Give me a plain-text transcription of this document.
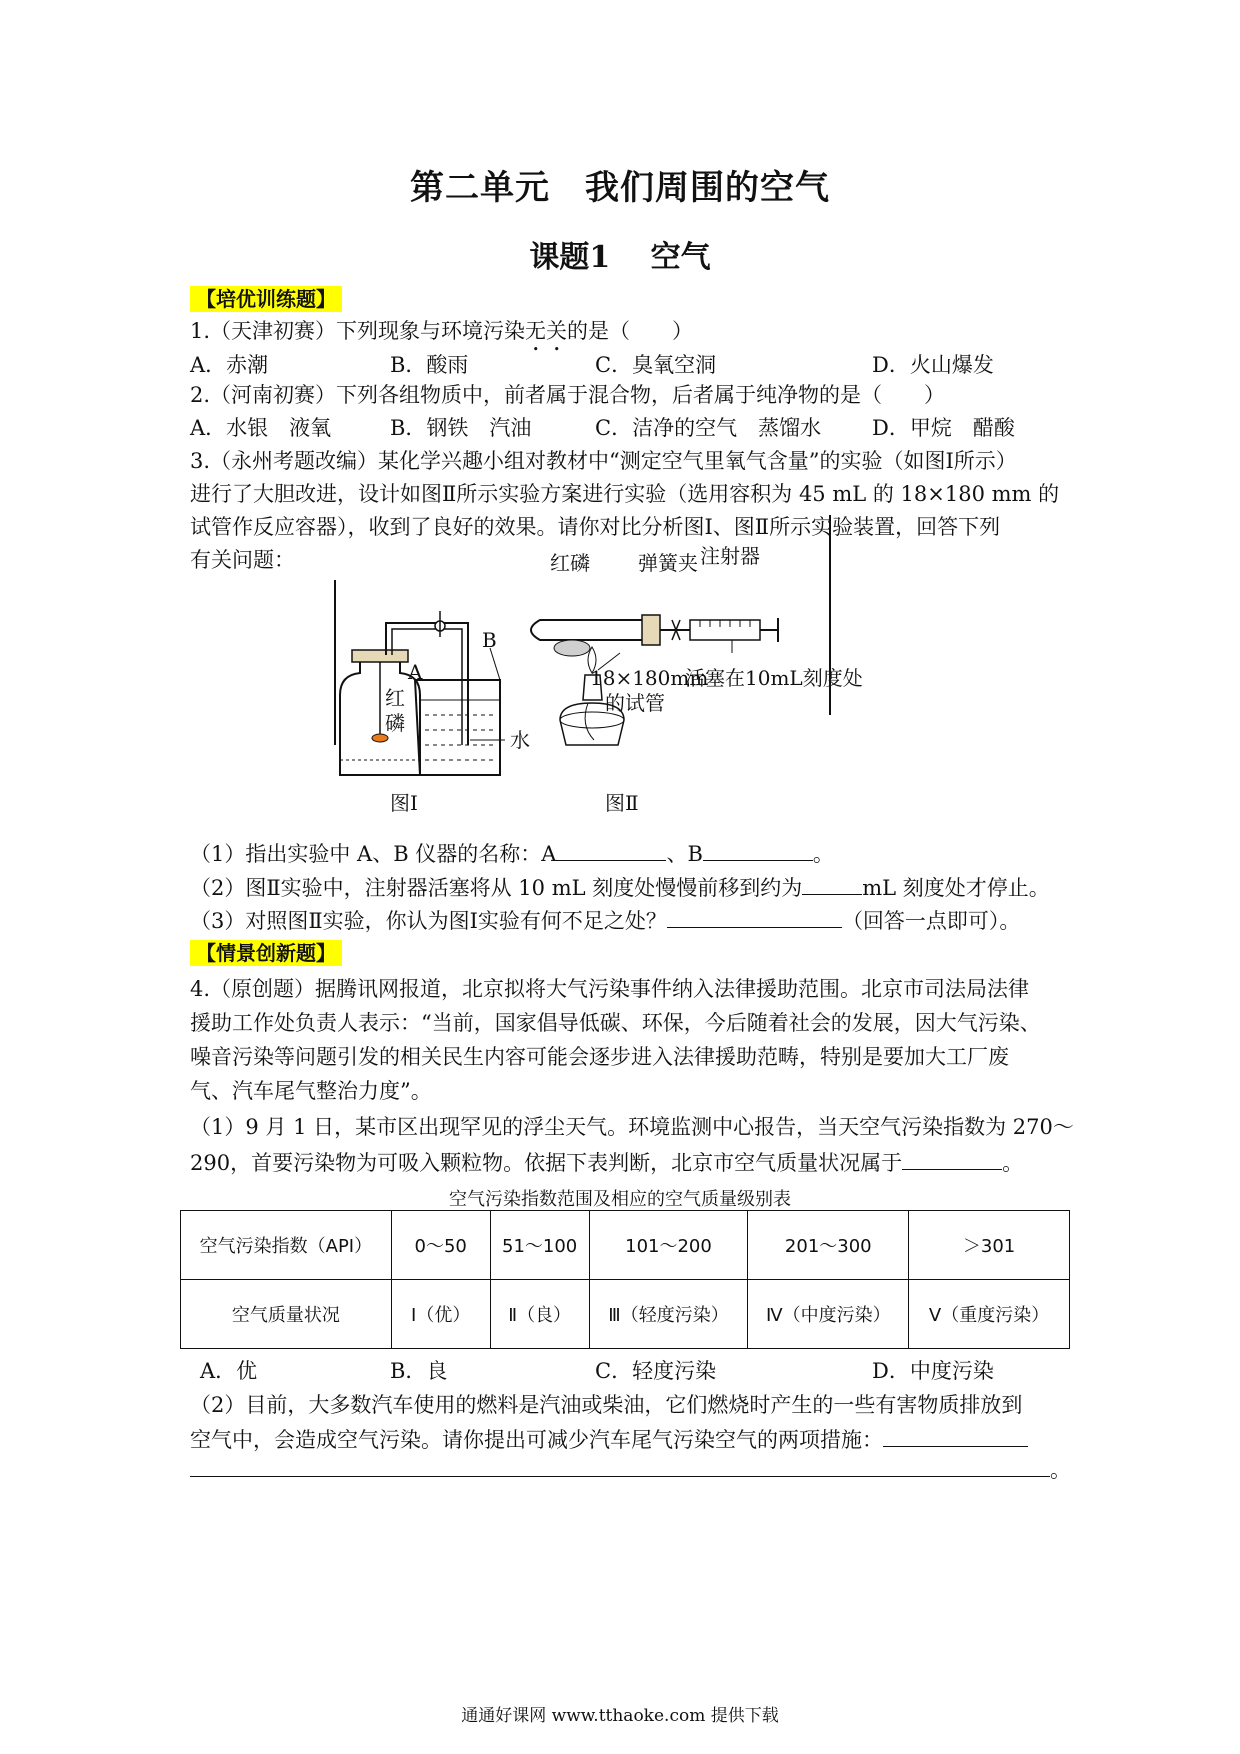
第二单元　我们周围的空气
课题1　 空气
【培优训练题】
1.（天津初赛）下列现象与环境污染无关的是（　　）
A．赤潮	B．酸雨	C．臭氧空洞	D．火山爆发
2.（河南初赛）下列各组物质中，前者属于混合物，后者属于纯净物的是（　　）
A．水银　液氧	B．钢铁　汽油	C．洁净的空气　蒸馏水 D．甲烷　醋酸
3.（永州考题改编）某化学兴趣小组对教材中“测定空气里氧气含量”的实验（如图Ⅰ所示）
进行了大胆改进，设计如图Ⅱ所示实验方案进行实验（选用容积为 45 mL 的 18×180 mm 的
试管作反应容器），收到了良好的效果。请你对比分析图Ⅰ、图Ⅱ所示实验装置，回答下列
有关问题：
A
B
红
磷
水
图Ⅰ
红磷 弹簧夹 注射器
18×180mm
的试管
活塞在10mL刻度处
图Ⅱ
（1）指出实验中 A、B 仪器的名称：A	、B	。
（2）图Ⅱ实验中，注射器活塞将从 10 mL 刻度处慢慢前移到约为	mL 刻度处才停止。
（3）对照图Ⅱ实验，你认为图Ⅰ实验有何不足之处？	（回答一点即可）。
【情景创新题】
4.（原创题）据腾讯网报道，北京拟将大气污染事件纳入法律援助范围。北京市司法局法律
援助工作处负责人表示：“当前，国家倡导低碳、环保，今后随着社会的发展，因大气污染、
噪音污染等问题引发的相关民生内容可能会逐步进入法律援助范畴，特别是要加大工厂废
气、汽车尾气整治力度”。
（1）9 月 1 日，某市区出现罕见的浮尘天气。环境监测中心报告，当天空气污染指数为 270～
290，首要污染物为可吸入颗粒物。依据下表判断，北京市空气质量状况属于	。
空气污染指数范围及相应的空气质量级别表
空气污染指数（API）	0～50	51～100	101～200	201～300	＞301
空气质量状况	Ⅰ（优）	Ⅱ（良）	Ⅲ（轻度污染）	Ⅳ（中度污染）	Ⅴ（重度污染）
A．优	B．良	C．轻度污染	D．中度污染
（2）目前，大多数汽车使用的燃料是汽油或柴油，它们燃烧时产生的一些有害物质排放到
空气中，会造成空气污染。请你提出可减少汽车尾气污染空气的两项措施：
。
通通好课网 www.tthaoke.com 提供下载
